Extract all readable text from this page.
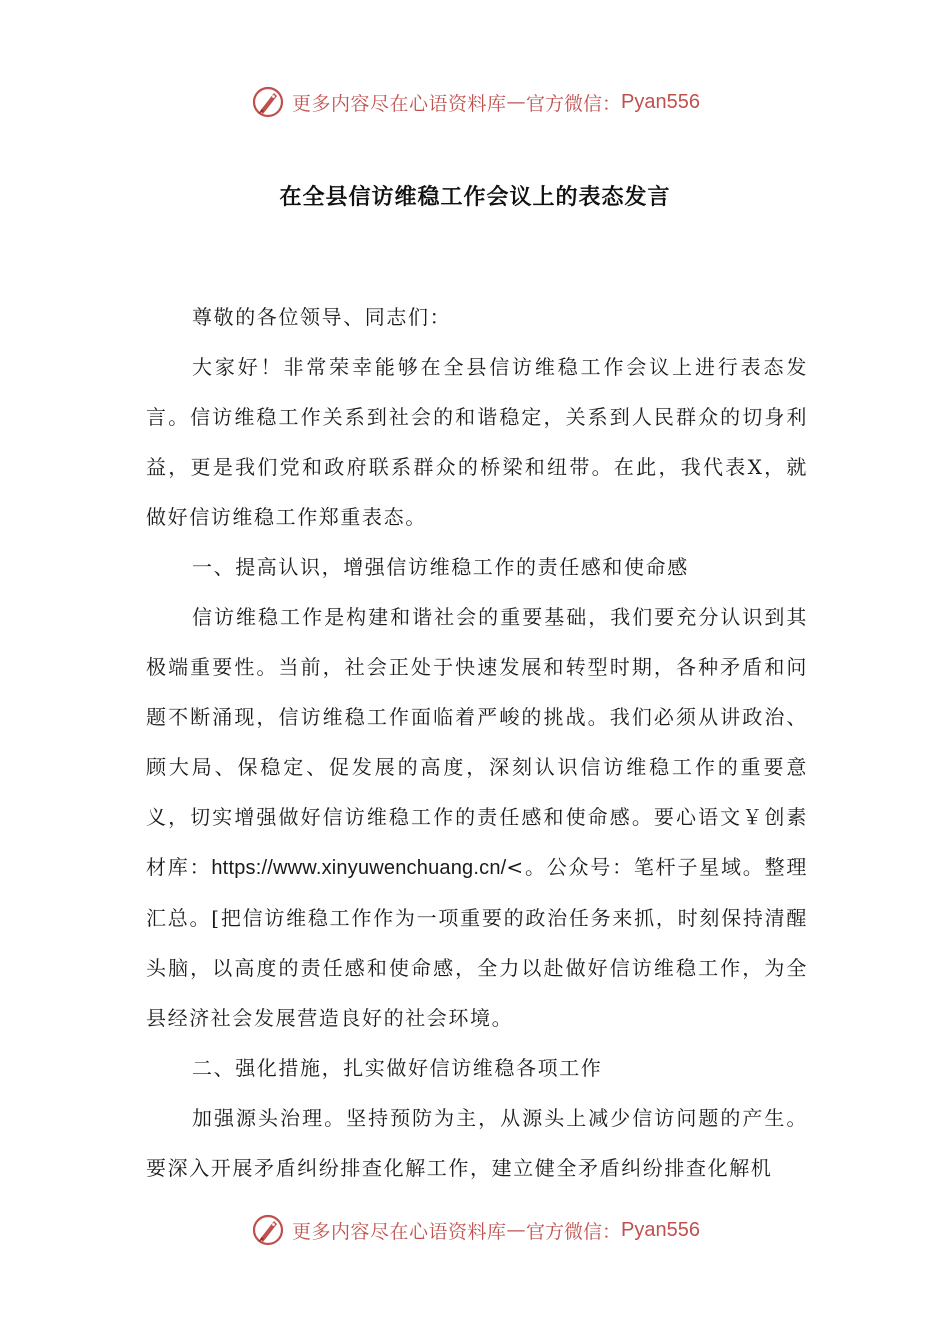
更多内容尽在心语资料库 — 官方微信： Pyan556
在全县信访维稳工作会议上的表态发言

尊敬的各位领导、同志们：

大家好！非常荣幸能够在全县信访维稳工作会议上进行表态发言。信访维稳工作关系到社会的和谐稳定，关系到人民群众的切身利益，更是我们党和政府联系群众的桥梁和纽带。在此，我代表X，就做好信访维稳工作郑重表态。

一、提高认识，增强信访维稳工作的责任感和使命感

信访维稳工作是构建和谐社会的重要基础，我们要充分认识到其极端重要性。当前，社会正处于快速发展和转型时期，各种矛盾和问题不断涌现，信访维稳工作面临着严峻的挑战。我们必须从讲政治、顾大局、保稳定、促发展的高度，深刻认识信访维稳工作的重要意义，切实增强做好信访维稳工作的责任感和使命感。要心语文￥创素材库：https://www.xinyuwenchuang.cn/<。公众号：笔杆子星域。整理汇总。[把信访维稳工作作为一项重要的政治任务来抓，时刻保持清醒头脑，以高度的责任感和使命感，全力以赴做好信访维稳工作，为全县经济社会发展营造良好的社会环境。

二、强化措施，扎实做好信访维稳各项工作

加强源头治理。坚持预防为主，从源头上减少信访问题的产生。要深入开展矛盾纠纷排查化解工作，建立健全矛盾纠纷排查化解机

更多内容尽在心语资料库 — 官方微信： Pyan556
